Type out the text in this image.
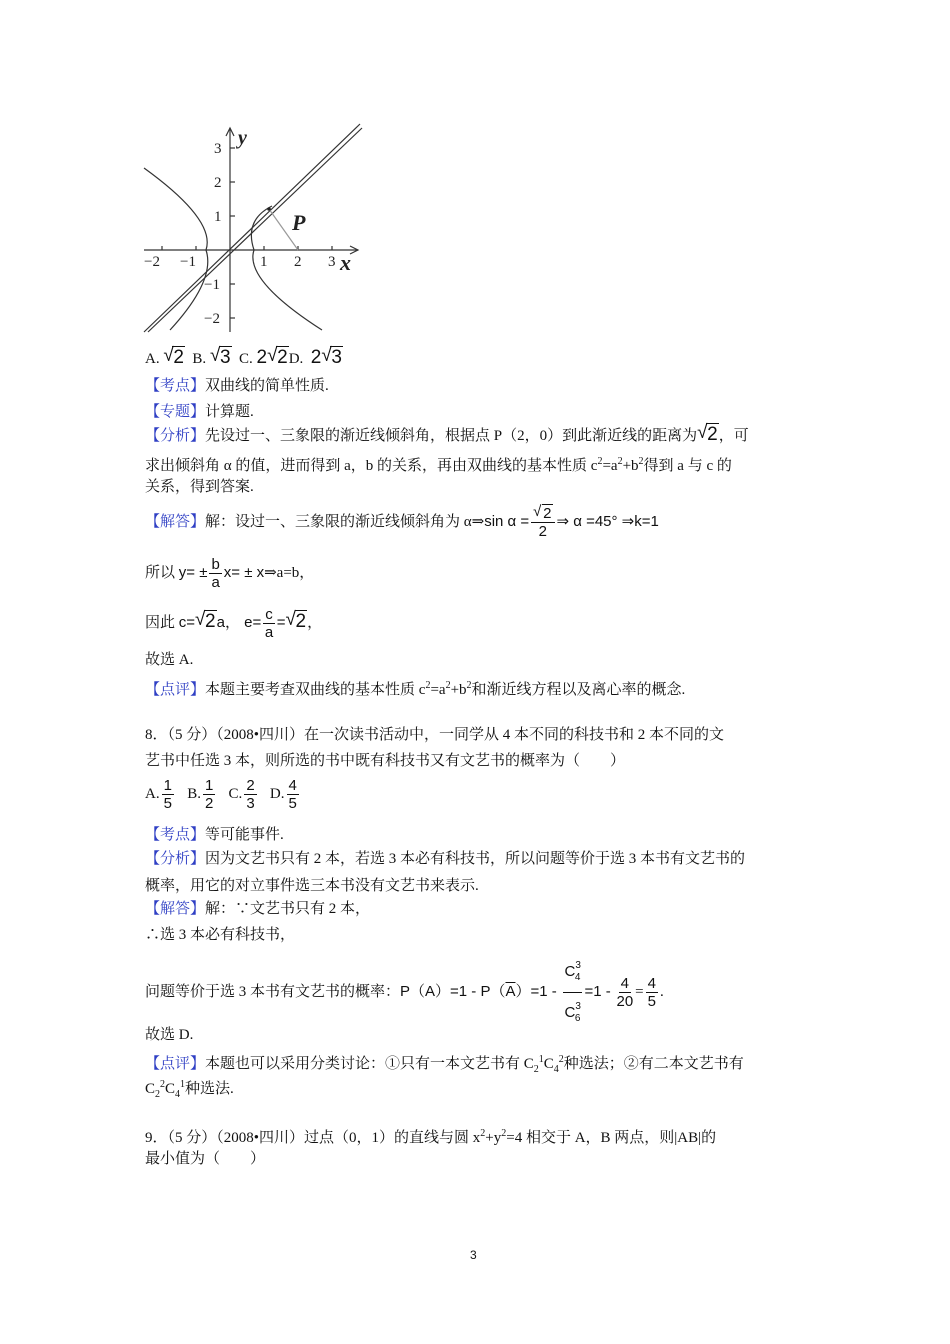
−2 −1	1 2 3
3
2
1
−1
−2
y
x
P
A. √ 2 B. √ 3 C. 2 √ 2D. 2 √ 3
【考点】双曲线的简单性质.
【专题】计算题.
【分析】先设过一、三象限的渐近线倾斜角，根据点 P（2，0）到此渐近线的距离为 √ 2，可
求出倾斜角 α 的值，进而得到 a，b 的关系，再由双曲线的基本性质 $c^2=a^2+b^2$得到 a 与 c 的
关系，得到答案.
【解答】解：设过一、三象限的渐近线倾斜角为 α⇒sin $\alpha = \frac{√ 2}{2}$ ⇒ α =45° ⇒k=1
所以 $y= \pm \frac{b}{a} x=$ ± x⇒a=b，
因此 c= √ 2a， $e= \frac{c}{a}$ = √ 2，
故选 A.
【点评】本题主要考查双曲线的基本性质 $c^2=a^2+b^2$和渐近线方程以及离心率的概念.
8．（5 分）（2008•四川）在一次读书活动中，一同学从 4 本不同的科技书和 2 本不同的文
艺书中任选 3 本，则所选的书中既有科技书又有文艺书的概率为（　　）
A. $\frac{1}{5} B$. $\frac{1}{2} C$. $\frac{2}{3} D$. $\frac{4}{5}$
【考点】等可能事件.
【分析】因为文艺书只有 2 本，若选 3 本必有科技书，所以问题等价于选 3 本书有文艺书的
概率，用它的对立事件选三本书没有文艺书来表示.
【解答】解：∵文艺书只有 2 本，
∴选 3 本必有科技书，
问题等价于选 3 本书有文艺书的概率：$P(A)=1 - P(\overline{A})=1 - \frac{C^3_4}{C^3_6} =1 - \frac{4}{20} = \frac{4}{5}$ .
故选 D.
【点评】本题也可以采用分类讨论：①只有一本文艺书有 $C_2^1C_4^2$种选法；②有二本文艺书有
$C_2^2C_4^1$种选法.
9．（5 分）（2008•四川）过点（0，1）的直线与圆 $x^2+y^2=4$ 相交于 A，B 两点，则|AB|的
最小值为（　　）
3
